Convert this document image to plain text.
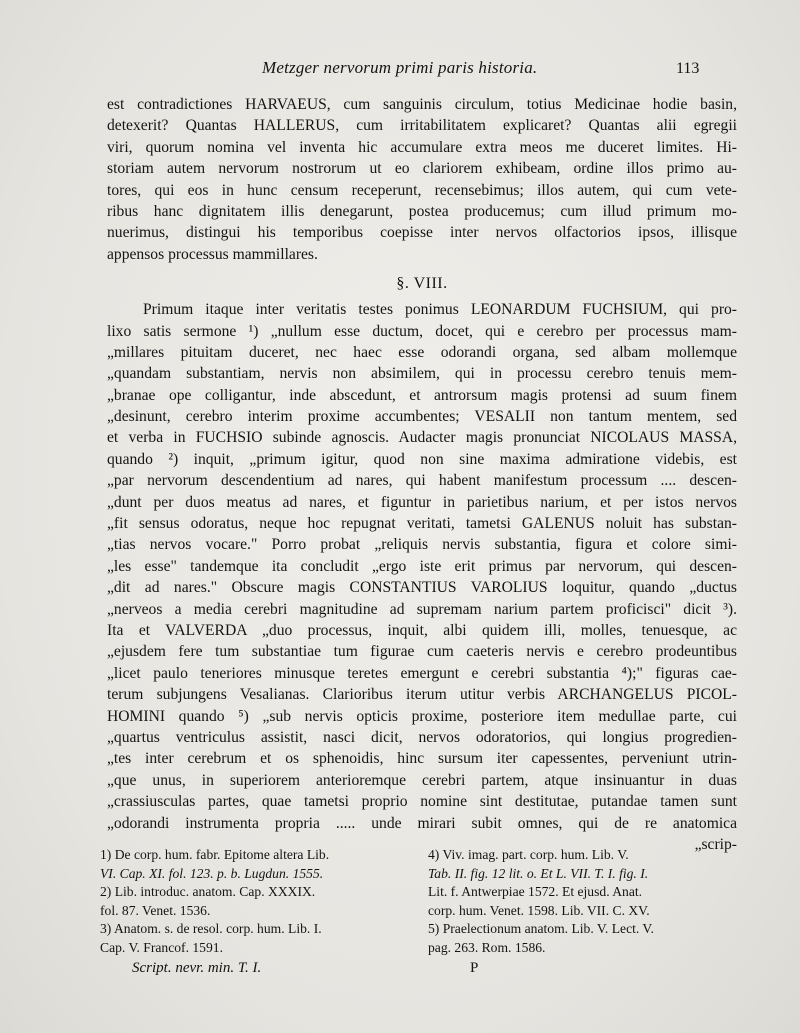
Metzger nervorum primi paris historia.	113
est contradictiones HARVAEUS, cum sanguinis circulum, totius Medicinae hodie basin,
detexerit? Quantas HALLERUS, cum irritabilitatem explicaret? Quantas alii egregii
viri, quorum nomina vel inventa hic accumulare extra meos me duceret limites. Hi-
storiam autem nervorum nostrorum ut eo clariorem exhibeam, ordine illos primo au-
tores, qui eos in hunc censum receperunt, recensebimus; illos autem, qui cum vete-
ribus hanc dignitatem illis denegarunt, postea producemus; cum illud primum mo-
nuerimus, distingui his temporibus coepisse inter nervos olfactorios ipsos, illisque
appensos processus mammillares.
§. VIII.
Primum itaque inter veritatis testes ponimus LEONARDUM FUCHSIUM, qui pro-
lixo satis sermone ¹) „nullum esse ductum, docet, qui e cerebro per processus mam-
„millares pituitam duceret, nec haec esse odorandi organa, sed albam mollemque
„quandam substantiam, nervis non absimilem, qui in processu cerebro tenuis mem-
„branae ope colligantur, inde abscedunt, et antrorsum magis protensi ad suum finem
„desinunt, cerebro interim proxime accumbentes; VESALII non tantum mentem, sed
et verba in FUCHSIO subinde agnoscis. Audacter magis pronunciat NICOLAUS MASSA,
quando ²) inquit, „primum igitur, quod non sine maxima admiratione videbis, est
„par nervorum descendentium ad nares, qui habent manifestum processum .... descen-
„dunt per duos meatus ad nares, et figuntur in parietibus narium, et per istos nervos
„fit sensus odoratus, neque hoc repugnat veritati, tametsi GALENUS noluit has substan-
„tias nervos vocare." Porro probat „reliquis nervis substantia, figura et colore simi-
„les esse" tandemque ita concludit „ergo iste erit primus par nervorum, qui descen-
„dit ad nares." Obscure magis CONSTANTIUS VAROLIUS loquitur, quando „ductus
„nerveos a media cerebri magnitudine ad supremam narium partem proficisci" dicit ³).
Ita et VALVERDA „duo processus, inquit, albi quidem illi, molles, tenuesque, ac
„ejusdem fere tum substantiae tum figurae cum caeteris nervis e cerebro prodeuntibus
„licet paulo teneriores minusque teretes emergunt e cerebri substantia ⁴);" figuras cae-
terum subjungens Vesalianas. Clarioribus iterum utitur verbis ARCHANGELUS PICOL-
HOMINI quando ⁵) „sub nervis opticis proxime, posteriore item medullae parte, cui
„quartus ventriculus assistit, nasci dicit, nervos odoratorios, qui longius progredien-
„tes inter cerebrum et os sphenoidis, hinc sursum iter capessentes, perveniunt utrin-
„que unus, in superiorem anterioremque cerebri partem, atque insinuantur in duas
„crassiusculas partes, quae tametsi proprio nomine sint destitutae, putandae tamen sunt
„odorandi instrumenta propria ..... unde mirari subit omnes, qui de re anatomica
„scrip-
1) De corp. hum. fabr. Epitome altera Lib.
VI. Cap. XI. fol. 123. p. b. Lugdun. 1555.
2) Lib. introduc. anatom. Cap. XXXIX.
fol. 87. Venet. 1536.
3) Anatom. s. de resol. corp. hum. Lib. I.
Cap. V. Francof. 1591.
4) Viv. imag. part. corp. hum. Lib. V.
Tab. II. fig. 12 lit. o. Et L. VII. T. I. fig. I.
Lit. f. Antwerpiae 1572. Et ejusd. Anat.
corp. hum. Venet. 1598. Lib. VII. C. XV.
5) Praelectionum anatom. Lib. V. Lect. V.
pag. 263. Rom. 1586.
Script. nevr. min. T. I.	P
